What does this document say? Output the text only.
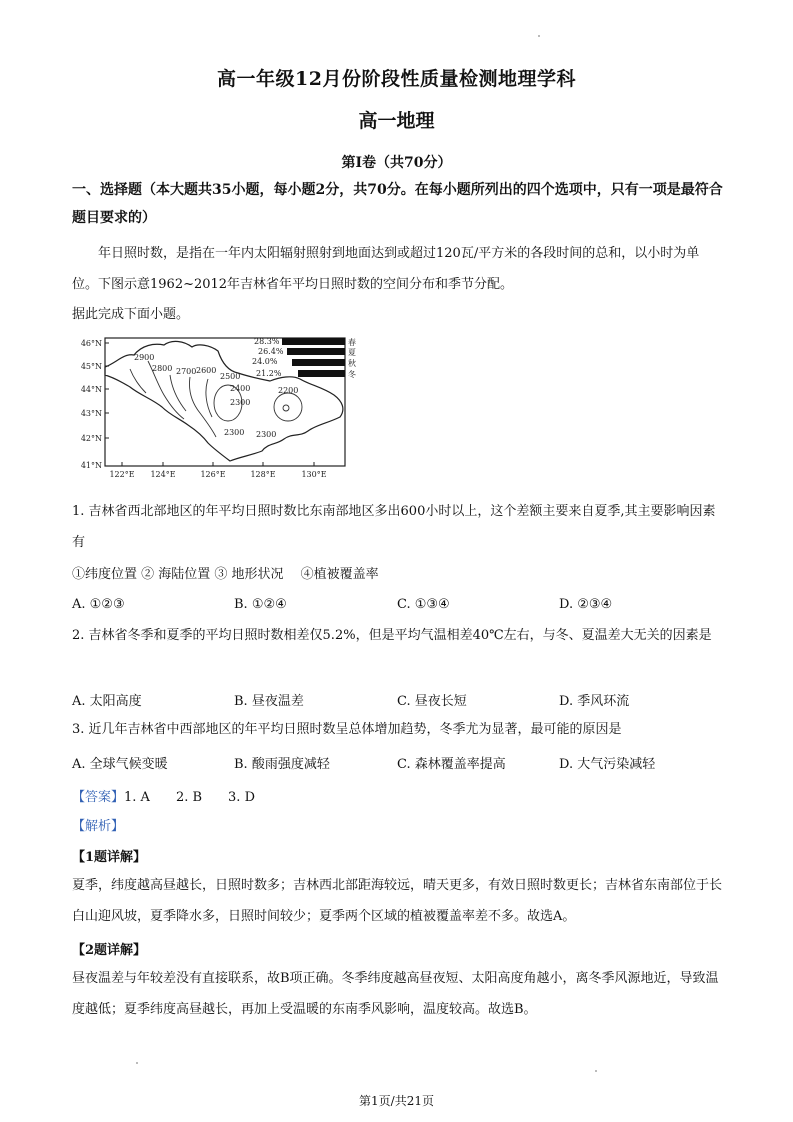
高一年级12月份阶段性质量检测地理学科
高一地理
第I卷（共70分）
一、选择题（本大题共35小题，每小题2分，共70分。在每小题所列出的四个选项中，只有一项是最符合题目要求的）
年日照时数，是指在一年内太阳辐射照射到地面达到或超过120瓦/平方米的各段时间的总和，以小时为单位。下图示意1962~2012年吉林省年平均日照时数的空间分布和季节分配。
据此完成下面小题。
46°N
45°N
44°N
43°N
42°N
41°N
122°E 124°E	126°E	128°E	130°E
2900
2800 2700 2600
2500
2400
2300
2200
2300 2300
28.3%
26.4%
24.0%
21.2%
春
夏
秋
冬
1. 吉林省西北部地区的年平均日照时数比东南部地区多出600小时以上，这个差额主要来自夏季,其主要影响因素有
①纬度位置 ② 海陆位置 ③ 地形状况　 ④植被覆盖率
A. ①②③	B. ①②④	C. ①③④	D. ②③④
2. 吉林省冬季和夏季的平均日照时数相差仅5.2%，但是平均气温相差40℃左右，与冬、夏温差大无关的因素是
A. 太阳高度	B. 昼夜温差	C. 昼夜长短	D. 季风环流
3. 近几年吉林省中西部地区的年平均日照时数呈总体增加趋势，冬季尤为显著，最可能的原因是
A. 全球气候变暖	B. 酸雨强度减轻	C. 森林覆盖率提高	D. 大气污染减轻
【答案】1. A　　2. B　　3. D
【解析】
【1题详解】
夏季，纬度越高昼越长，日照时数多；吉林西北部距海较远，晴天更多，有效日照时数更长；吉林省东南部位于长白山迎风坡，夏季降水多，日照时间较少；夏季两个区域的植被覆盖率差不多。故选A。
【2题详解】
昼夜温差与年较差没有直接联系，故B项正确。冬季纬度越高昼夜短、太阳高度角越小，离冬季风源地近，导致温度越低；夏季纬度高昼越长，再加上受温暖的东南季风影响，温度较高。故选B。
第1页/共21页
